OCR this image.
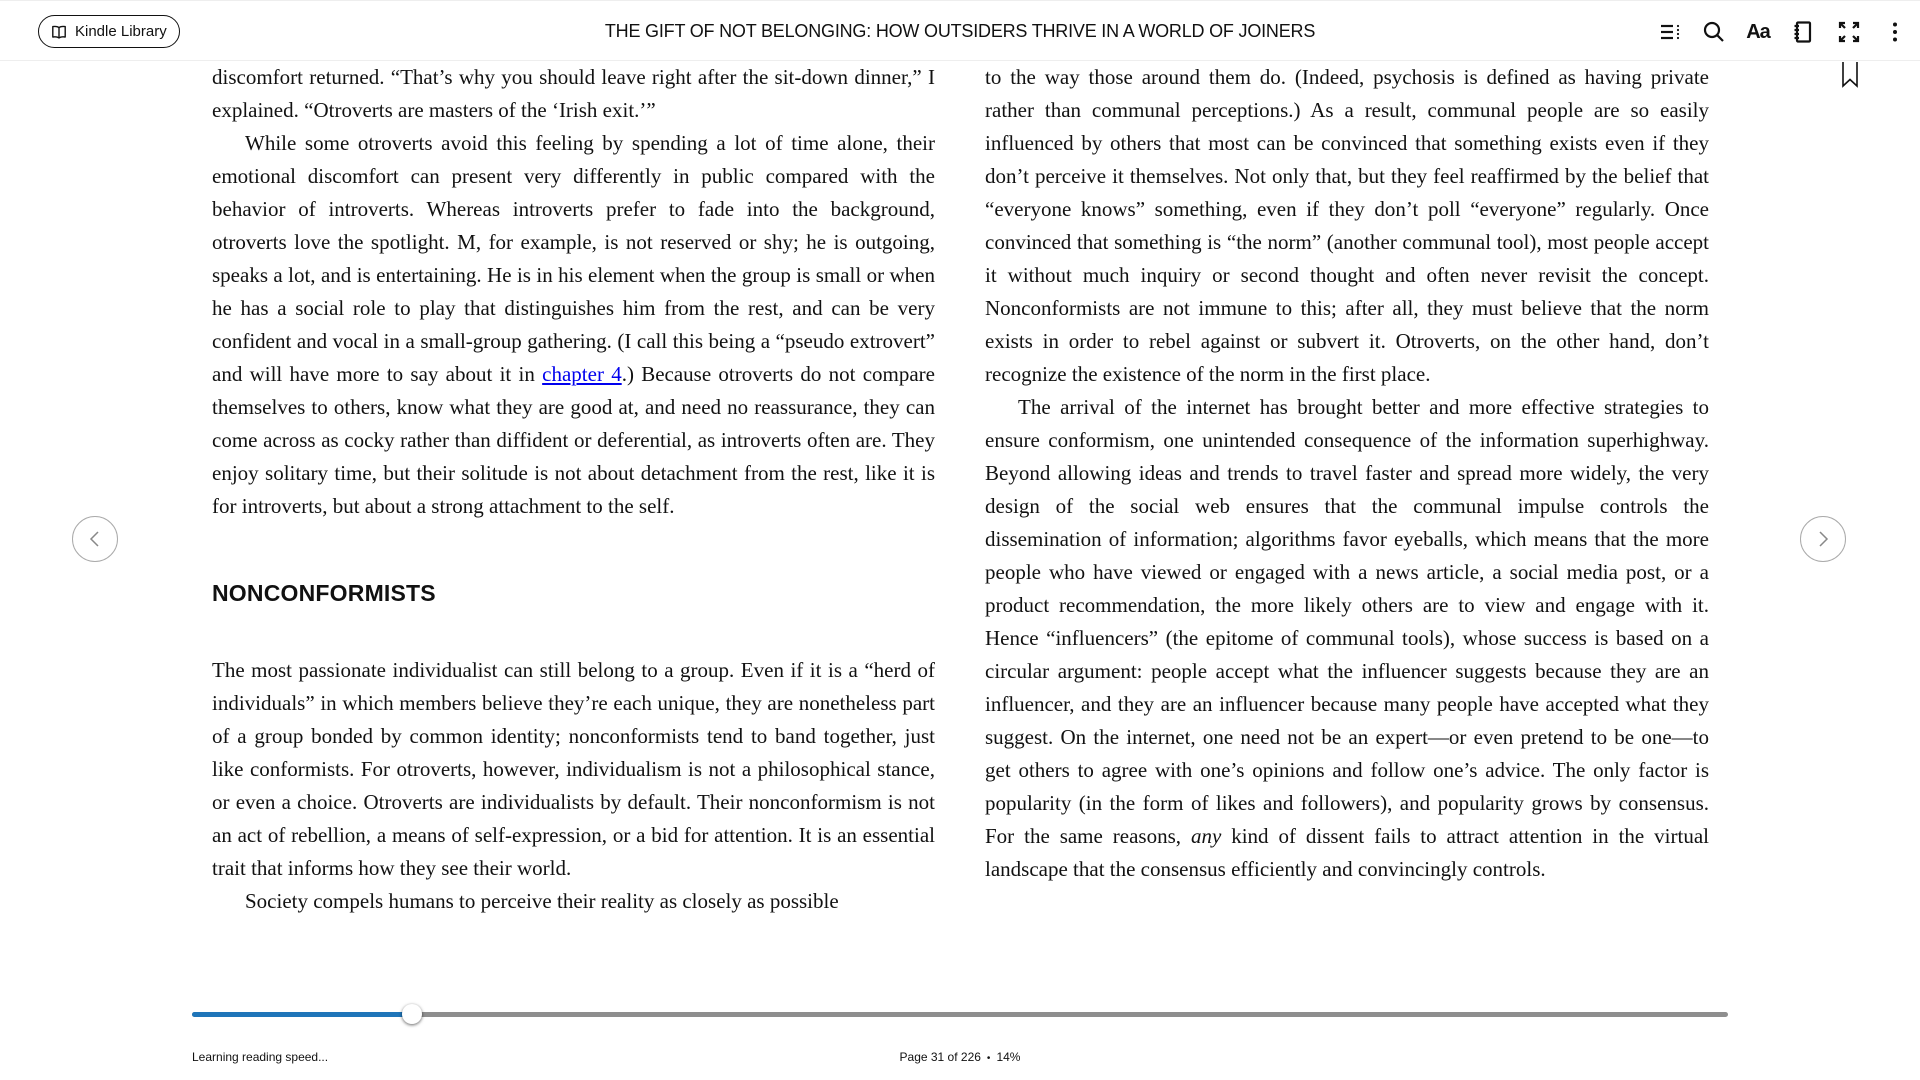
Kindle Library	THE GIFT OF NOT BELONGING: HOW OUTSIDERS THRIVE IN A WORLD OF JOINERS	Aa

discomfort returned. “That’s why you should leave right after the sit-down dinner,” I explained. “Otroverts are masters of the ‘Irish exit.’”

While some otroverts avoid this feeling by spending a lot of time alone, their emotional discomfort can present very differently in public compared with the behavior of introverts. Whereas introverts prefer to fade into the background, otroverts love the spotlight. M, for example, is not reserved or shy; he is outgoing, speaks a lot, and is entertaining. He is in his element when the group is small or when he has a social role to play that distinguishes him from the rest, and can be very confident and vocal in a small-group gathering. (I call this being a “pseudo extrovert” and will have more to say about it in chapter 4.) Because otroverts do not compare themselves to others, know what they are good at, and need no reassurance, they can come across as cocky rather than diffident or deferential, as introverts often are. They enjoy solitary time, but their solitude is not about detachment from the rest, like it is for introverts, but about a strong attachment to the self.

NONCONFORMISTS

The most passionate individualist can still belong to a group. Even if it is a “herd of individuals” in which members believe they’re each unique, they are nonetheless part of a group bonded by common identity; nonconformists tend to band together, just like conformists. For otroverts, however, individualism is not a philosophical stance, or even a choice. Otroverts are individualists by default. Their nonconformism is not an act of rebellion, a means of self-expression, or a bid for attention. It is an essential trait that informs how they see their world.

Society compels humans to perceive their reality as closely as possible

to the way those around them do. (Indeed, psychosis is defined as having private rather than communal perceptions.) As a result, communal people are so easily influenced by others that most can be convinced that something exists even if they don’t perceive it themselves. Not only that, but they feel reaffirmed by the belief that “everyone knows” something, even if they don’t poll “everyone” regularly. Once convinced that something is “the norm” (another communal tool), most people accept it without much inquiry or second thought and often never revisit the concept. Nonconformists are not immune to this; after all, they must believe that the norm exists in order to rebel against or subvert it. Otroverts, on the other hand, don’t recognize the existence of the norm in the first place.

The arrival of the internet has brought better and more effective strategies to ensure conformism, one unintended consequence of the information superhighway. Beyond allowing ideas and trends to travel faster and spread more widely, the very design of the social web ensures that the communal impulse controls the dissemination of information; algorithms favor eyeballs, which means that the more people who have viewed or engaged with a news article, a social media post, or a product recommendation, the more likely others are to view and engage with it. Hence “influencers” (the epitome of communal tools), whose success is based on a circular argument: people accept what the influencer suggests because they are an influencer, and they are an influencer because many people have accepted what they suggest. On the internet, one need not be an expert—or even pretend to be one—to get others to agree with one’s opinions and follow one’s advice. The only factor is popularity (in the form of likes and followers), and popularity grows by consensus. For the same reasons, any kind of dissent fails to attract attention in the virtual landscape that the consensus efficiently and convincingly controls.

Learning reading speed...	Page 31 of 226 • 14%
